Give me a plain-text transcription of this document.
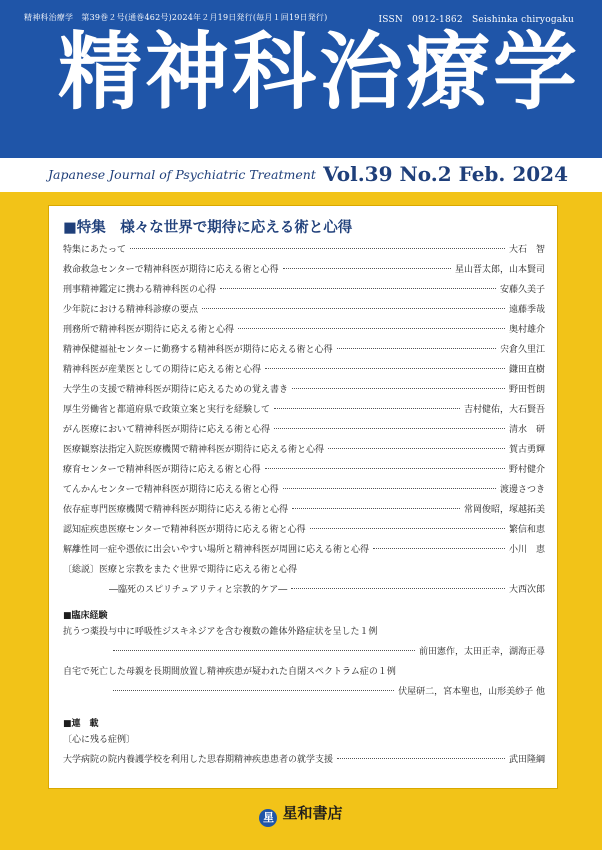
精神科治療学　第39巻２号(通巻462号)2024年２月19日発行(毎月１回19日発行)	ISSN　0912-1862　Seishinka chiryogaku
精神科治療学
Japanese Journal of Psychiatric Treatment Vol.39 No.2 Feb. 2024
■特集　様々な世界で期待に応える術と心得
特集にあたって	大石　智
救命救急センターで精神科医が期待に応える術と心得	星山晋太郎，山本賢司
刑事精神鑑定に携わる精神科医の心得	安藤久美子
少年院における精神科診療の要点	遠藤季哉
刑務所で精神科医が期待に応える術と心得	奥村雄介
精神保健福祉センターに勤務する精神科医が期待に応える術と心得	宍倉久里江
精神科医が産業医としての期待に応える術と心得	鎌田直樹
大学生の支援で精神科医が期待に応えるための覚え書き	野田哲朗
厚生労働省と都道府県で政策立案と実行を経験して	吉村健佑，大石賢吾
がん医療において精神科医が期待に応える術と心得	清水　研
医療観察法指定入院医療機関で精神科医が期待に応える術と心得	賀古勇輝
療育センターで精神科医が期待に応える術と心得	野村健介
てんかんセンターで精神科医が期待に応える術と心得	渡邊さつき
依存症専門医療機関で精神科医が期待に応える術と心得	常岡俊昭，塚越拓美
認知症疾患医療センターで精神科医が期待に応える術と心得	繁信和恵
解離性同一症や憑依に出会いやすい場所と精神科医が周囲に応える術と心得	小川　恵
〔総説〕医療と宗教をまたぐ世界で期待に応える術と心得
―臨死のスピリチュアリティと宗教的ケア―	大西次郎
■臨床経験
抗うつ薬投与中に呼吸性ジスキネジアを含む複数の錐体外路症状を呈した１例
前田憲作，太田正幸，湖海正尋
自宅で死亡した母親を長期間放置し精神疾患が疑われた自閉スペクトラム症の１例
伏屋研二，宮本聖也，山形美紗子 他
■連　載
〔心に残る症例〕
大学病院の院内養護学校を利用した思春期精神疾患患者の就学支援	武田隆綱
星 星和書店
